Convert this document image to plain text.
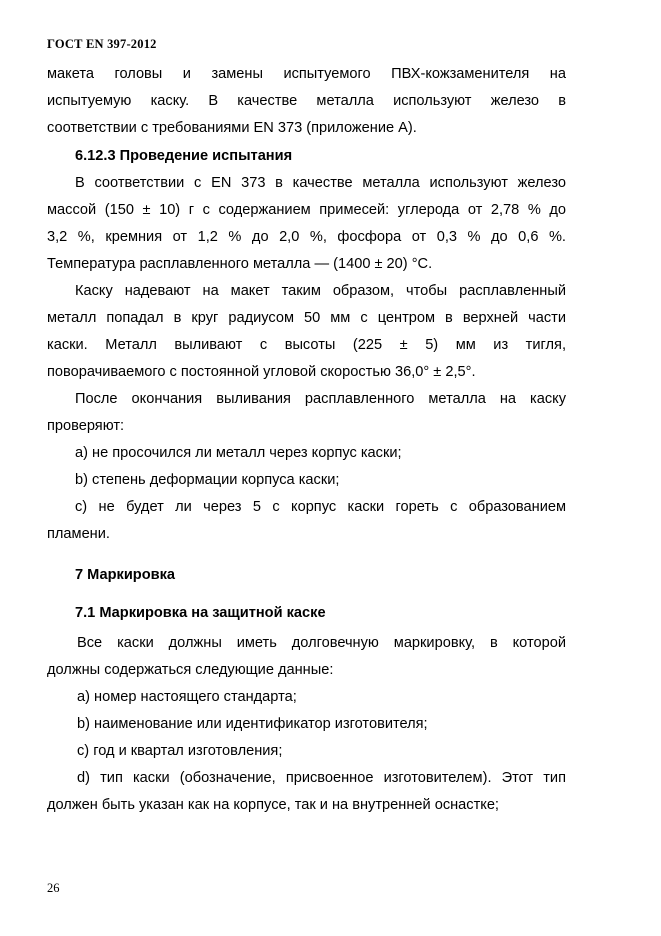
ГОСТ EN 397-2012
макета головы и замены испытуемого ПВХ-кожзаменителя на
испытуемую каску. В качестве металла используют железо в
соответствии с требованиями EN 373 (приложение A).
6.12.3 Проведение испытания
В соответствии с EN 373 в качестве металла используют железо
массой (150 ± 10) г с содержанием примесей: углерода от 2,78 % до
3,2 %, кремния от 1,2 % до 2,0 %, фосфора от 0,3 % до 0,6 %.
Температура расплавленного металла — (1400 ± 20) °C.
Каску надевают на макет таким образом, чтобы расплавленный
металл попадал в круг радиусом 50 мм с центром в верхней части
каски. Металл выливают с высоты (225 ± 5) мм из тигля,
поворачиваемого с постоянной угловой скоростью 36,0° ± 2,5°.
После окончания выливания расплавленного металла на каску
проверяют:
a) не просочился ли металл через корпус каски;
b) степень деформации корпуса каски;
c) не будет ли через 5 с корпус каски гореть с образованием
пламени.
7 Маркировка
7.1 Маркировка на защитной каске
Все каски должны иметь долговечную маркировку, в которой
должны содержаться следующие данные:
a) номер настоящего стандарта;
b) наименование или идентификатор изготовителя;
c) год и квартал изготовления;
d) тип каски (обозначение, присвоенное изготовителем). Этот тип
должен быть указан как на корпусе, так и на внутренней оснастке;
26
